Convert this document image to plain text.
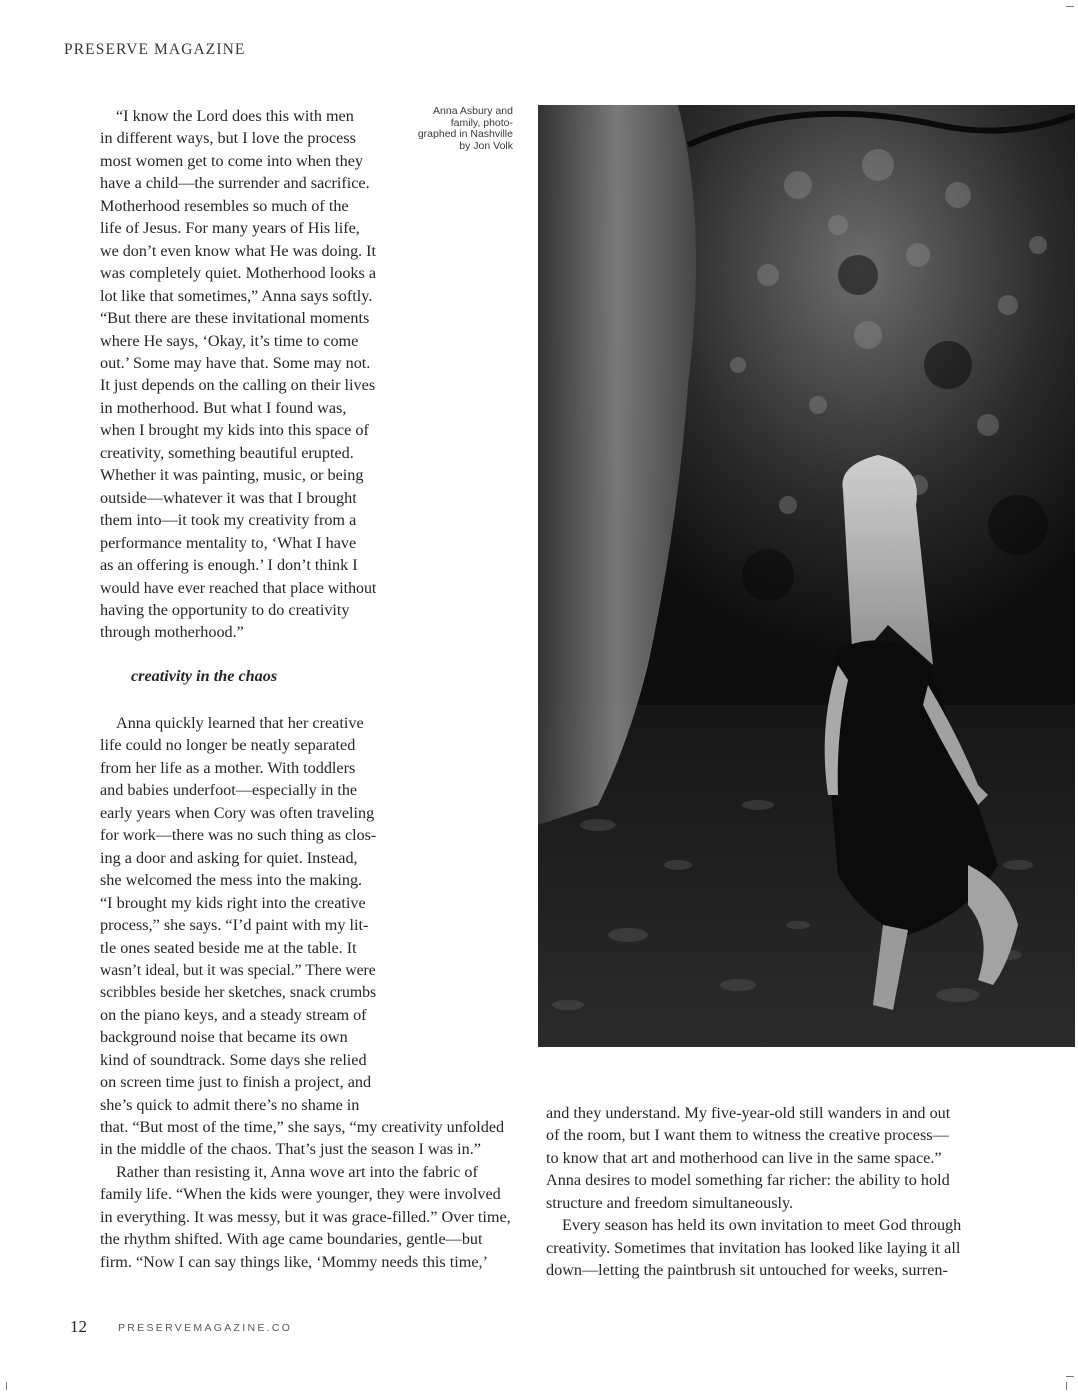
PRESERVE MAGAZINE

“I know the Lord does this with men
in different ways, but I love the process
most women get to come into when they
have a child—the surrender and sacrifice.
Motherhood resembles so much of the
life of Jesus. For many years of His life,
we don’t even know what He was doing. It
was completely quiet. Motherhood looks a
lot like that sometimes,” Anna says softly.
“But there are these invitational moments
where He says, ‘Okay, it’s time to come
out.’ Some may have that. Some may not.
It just depends on the calling on their lives
in motherhood. But what I found was,
when I brought my kids into this space of
creativity, something beautiful erupted.
Whether it was painting, music, or being
outside—whatever it was that I brought
them into—it took my creativity from a
performance mentality to, ‘What I have
as an offering is enough.’ I don’t think I
would have ever reached that place without
having the opportunity to do creativity
through motherhood.”

creativity in the chaos

Anna quickly learned that her creative
life could no longer be neatly separated
from her life as a mother. With toddlers
and babies underfoot—especially in the
early years when Cory was often traveling
for work—there was no such thing as clos-
ing a door and asking for quiet. Instead,
she welcomed the mess into the making.
“I brought my kids right into the creative
process,” she says. “I’d paint with my lit-
tle ones seated beside me at the table. It
wasn’t ideal, but it was special.” There were
scribbles beside her sketches, snack crumbs
on the piano keys, and a steady stream of
background noise that became its own
kind of soundtrack. Some days she relied
on screen time just to finish a project, and
she’s quick to admit there’s no shame in

that. “But most of the time,” she says, “my creativity unfolded
in the middle of the chaos. That’s just the season I was in.”

Rather than resisting it, Anna wove art into the fabric of
family life. “When the kids were younger, they were involved
in everything. It was messy, but it was grace-filled.” Over time,
the rhythm shifted. With age came boundaries, gentle—but
firm. “Now I can say things like, ‘Mommy needs this time,’

and they understand. My five-year-old still wanders in and out
of the room, but I want them to witness the creative process—
to know that art and motherhood can live in the same space.”
Anna desires to model something far richer: the ability to hold
structure and freedom simultaneously.

Every season has held its own invitation to meet God through
creativity. Sometimes that invitation has looked like laying it all
down—letting the paintbrush sit untouched for weeks, surren-

Anna Asbury and
family, photo-
graphed in Nashville
by Jon Volk
12	PRESERVEMAGAZINE.CO
